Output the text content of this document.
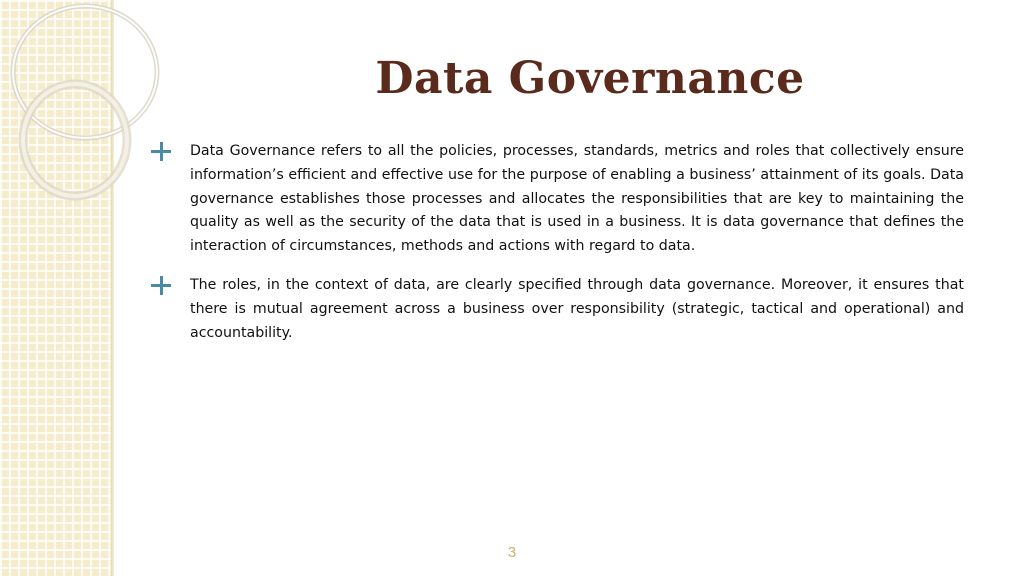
Data Governance

Data Governance refers to all the policies, processes, standards, metrics and roles that collectively ensure information’s efficient and effective use for the purpose of enabling a business’ attainment of its goals. Data governance establishes those processes and allocates the responsibilities that are key to maintaining the quality as well as the security of the data that is used in a business. It is data governance that defines the interaction of circumstances, methods and actions with regard to data.

The roles, in the context of data, are clearly specified through data governance. Moreover, it ensures that there is mutual agreement across a business over responsibility (strategic, tactical and operational) and accountability.

3
